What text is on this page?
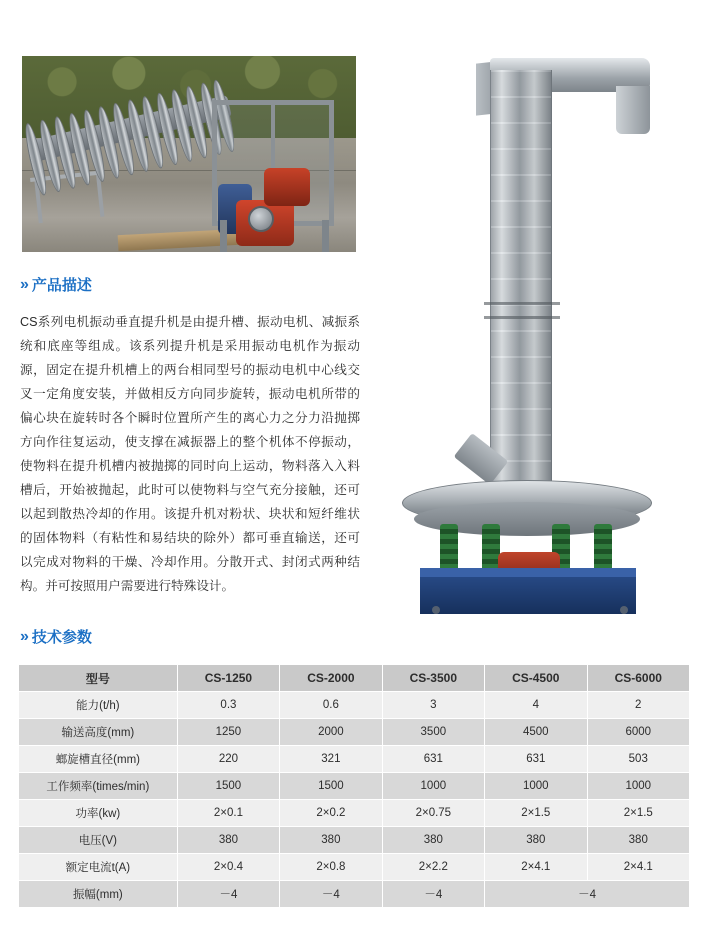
» 产品描述
CS系列电机振动垂直提升机是由提升槽、振动电机、减振系统和底座等组成。该系列提升机是采用振动电机作为振动源，固定在提升机槽上的两台相同型号的振动电机中心线交叉一定角度安装，并做相反方向同步旋转，振动电机所带的偏心块在旋转时各个瞬时位置所产生的离心力之分力沿抛掷方向作往复运动，使支撑在减振器上的整个机体不停振动，使物料在提升机槽内被抛掷的同时向上运动，物料落入入料槽后，开始被抛起，此时可以使物料与空气充分接触，还可以起到散热冷却的作用。该提升机对粉状、块状和短纤维状的固体物料（有粘性和易结块的除外）都可垂直输送，还可以完成对物料的干燥、冷却作用。分散开式、封闭式两种结构。并可按照用户需要进行特殊设计。
» 技术参数
型号	CS-1250	CS-2000	CS-3500	CS-4500	CS-6000
能力(t/h)	0.3	0.6	3	4	2
输送高度(mm)	1250	2000	3500	4500	6000
螂旋槽直径(mm)	220	321	631	631	503
工作频率(times/min)	1500	1500	1000	1000	1000
功率(kw)	2×0.1	2×0.2	2×0.75	2×1.5	2×1.5
电压(V)	380	380	380	380	380
额定电流t(A)	2×0.4	2×0.8	2×2.2	2×4.1	2×4.1
振幅(mm)	－4	－4	－4	－4	
